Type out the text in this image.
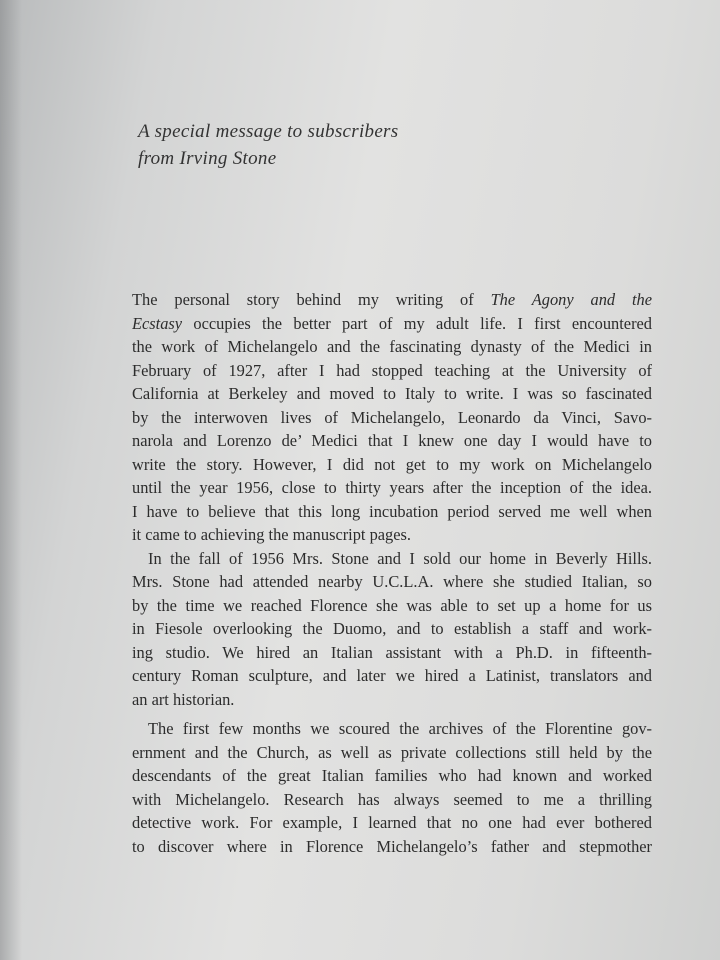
A special message to subscribers
from Irving Stone
The personal story behind my writing of The Agony and the
Ecstasy occupies the better part of my adult life. I first encountered
the work of Michelangelo and the fascinating dynasty of the Medici in
February of 1927, after I had stopped teaching at the University of
California at Berkeley and moved to Italy to write. I was so fascinated
by the interwoven lives of Michelangelo, Leonardo da Vinci, Savo-
narola and Lorenzo de’ Medici that I knew one day I would have to
write the story. However, I did not get to my work on Michelangelo
until the year 1956, close to thirty years after the inception of the idea.
I have to believe that this long incubation period served me well when
it came to achieving the manuscript pages.
In the fall of 1956 Mrs. Stone and I sold our home in Beverly Hills.
Mrs. Stone had attended nearby U.C.L.A. where she studied Italian, so
by the time we reached Florence she was able to set up a home for us
in Fiesole overlooking the Duomo, and to establish a staff and work-
ing studio. We hired an Italian assistant with a Ph.D. in fifteenth-
century Roman sculpture, and later we hired a Latinist, translators and
an art historian.
The first few months we scoured the archives of the Florentine gov-
ernment and the Church, as well as private collections still held by the
descendants of the great Italian families who had known and worked
with Michelangelo. Research has always seemed to me a thrilling
detective work. For example, I learned that no one had ever bothered
to discover where in Florence Michelangelo’s father and stepmother
